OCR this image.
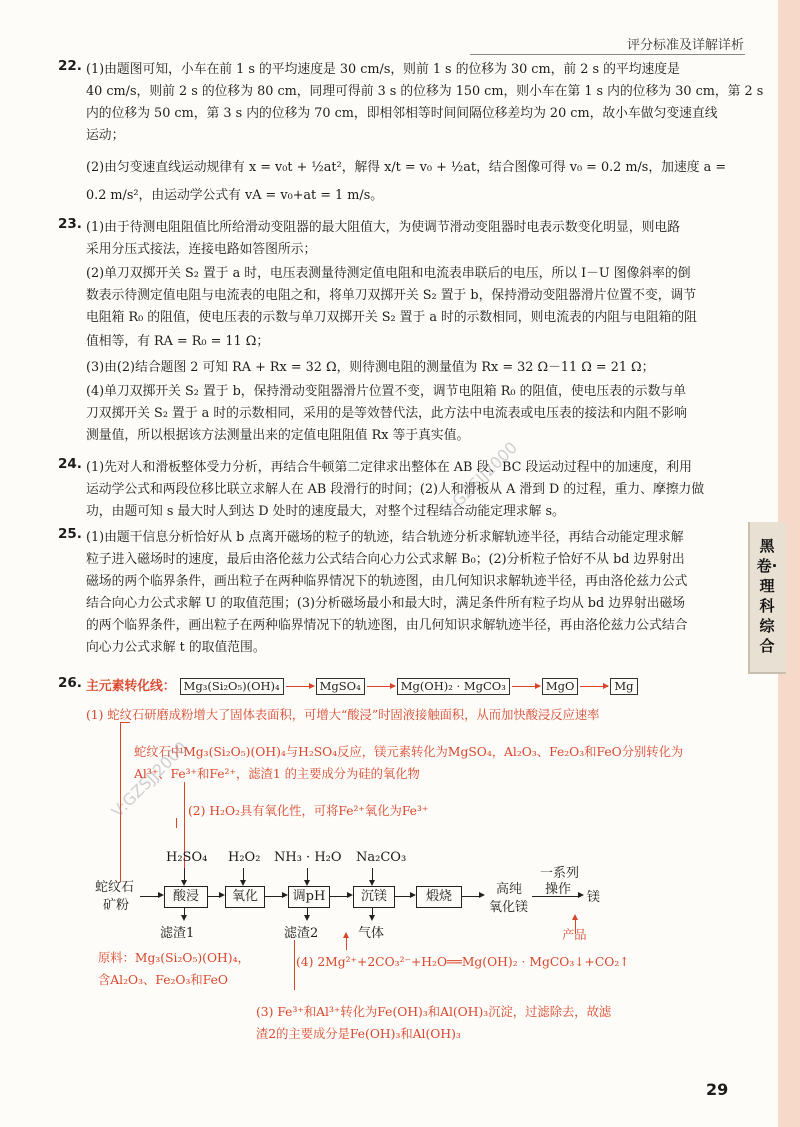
评分标准及详解详析
黑卷·理科综合
22. (1)由题图可知，小车在前 1 s 的平均速度是 30 cm/s，则前 1 s 的位移为 30 cm，前 2 s 的平均速度是
40 cm/s，则前 2 s 的位移为 80 cm，同理可得前 3 s 的位移为 150 cm，则小车在第 1 s 内的位移为 30 cm，第 2 s
内的位移为 50 cm，第 3 s 内的位移为 70 cm，即相邻相等时间间隔位移差均为 20 cm，故小车做匀变速直线
运动；
(2)由匀变速直线运动规律有 x = v₀t + ½at²，解得 x/t = v₀ + ½at，结合图像可得 v₀ = 0.2 m/s，加速度 a =
0.2 m/s²，由运动学公式有 vA = v₀+at = 1 m/s。
23. (1)由于待测电阻阻值比所给滑动变阻器的最大阻值大，为使调节滑动变阻器时电表示数变化明显，则电路
采用分压式接法，连接电路如答图所示；
(2)单刀双掷开关 S₂ 置于 a 时，电压表测量待测定值电阻和电流表串联后的电压，所以 I－U 图像斜率的倒
数表示待测定值电阻与电流表的电阻之和，将单刀双掷开关 S₂ 置于 b，保持滑动变阻器滑片位置不变，调节
电阻箱 R₀ 的阻值，使电压表的示数与单刀双掷开关 S₂ 置于 a 时的示数相同，则电流表的内阻与电阻箱的阻
值相等，有 RA = R₀ = 11 Ω；
(3)由(2)结合题图 2 可知 RA + Rx = 32 Ω，则待测电阻的测量值为 Rx = 32 Ω－11 Ω = 21 Ω；
(4)单刀双掷开关 S₂ 置于 b，保持滑动变阻器滑片位置不变，调节电阻箱 R₀ 的阻值，使电压表的示数与单
刀双掷开关 S₂ 置于 a 时的示数相同，采用的是等效替代法，此方法中电流表或电压表的接法和内阻不影响
测量值，所以根据该方法测量出来的定值电阻阻值 Rx 等于真实值。
24. (1)先对人和滑板整体受力分析，再结合牛顿第二定律求出整体在 AB 段、BC 段运动过程中的加速度，利用
运动学公式和两段位移比联立求解人在 AB 段滑行的时间；(2)人和滑板从 A 滑到 D 的过程，重力、摩擦力做
功，由题可知 s 最大时人到达 D 处时的速度最大，对整个过程结合动能定理求解 s。
25. (1)由题干信息分析恰好从 b 点离开磁场的粒子的轨迹，结合轨迹分析求解轨迹半径，再结合动能定理求解
粒子进入磁场时的速度，最后由洛伦兹力公式结合向心力公式求解 B₀；(2)分析粒子恰好不从 bd 边界射出
磁场的两个临界条件，画出粒子在两种临界情况下的轨迹图，由几何知识求解轨迹半径，再由洛伦兹力公式
结合向心力公式求解 U 的取值范围；(3)分析磁场最小和最大时，满足条件所有粒子均从 bd 边界射出磁场
的两个临界条件，画出粒子在两种临界情况下的轨迹图，由几何知识求解轨迹半径，再由洛伦兹力公式结合
向心力公式求解 t 的取值范围。
26. 主元素转化线： Mg₃(Si₂O₅)(OH)₄	MgSO₄	Mg(OH)₂ · MgCO₃	MgO	Mg
(1) 蛇纹石研磨成粉增大了固体表面积，可增大“酸浸”时固液接触面积，从而加快酸浸反应速率
蛇纹石中Mg₃(Si₂O₅)(OH)₄与H₂SO₄反应，镁元素转化为MgSO₄，Al₂O₃、Fe₂O₃和FeO分别转化为
Al³⁺、Fe³⁺和Fe²⁺，滤渣1 的主要成分为硅的氧化物
(2) H₂O₂具有氧化性，可将Fe²⁺氧化为Fe³⁺
蛇纹石
矿粉
H₂SO₄ H₂O₂ NH₃ · H₂O Na₂CO₃
酸浸	氧化	调pH	沉镁	煅烧	高纯
氧化镁
一系列
操作
镁
滤渣1	滤渣2	气体	产品
原料：Mg₃(Si₂O₅)(OH)₄，
含Al₂O₃、Fe₂O₃和FeO
(4) 2Mg²⁺+2CO₃²⁻+H₂O══Mg(OH)₂ · MgCO₃↓+CO₂↑
(3) Fe³⁺和Al³⁺转化为Fe(OH)₃和Al(OH)₃沉淀，过滤除去，故滤
渣2的主要成分是Fe(OH)₃和Al(OH)₃
V:GZSJJ2000
V:GZSJJ2000
29
